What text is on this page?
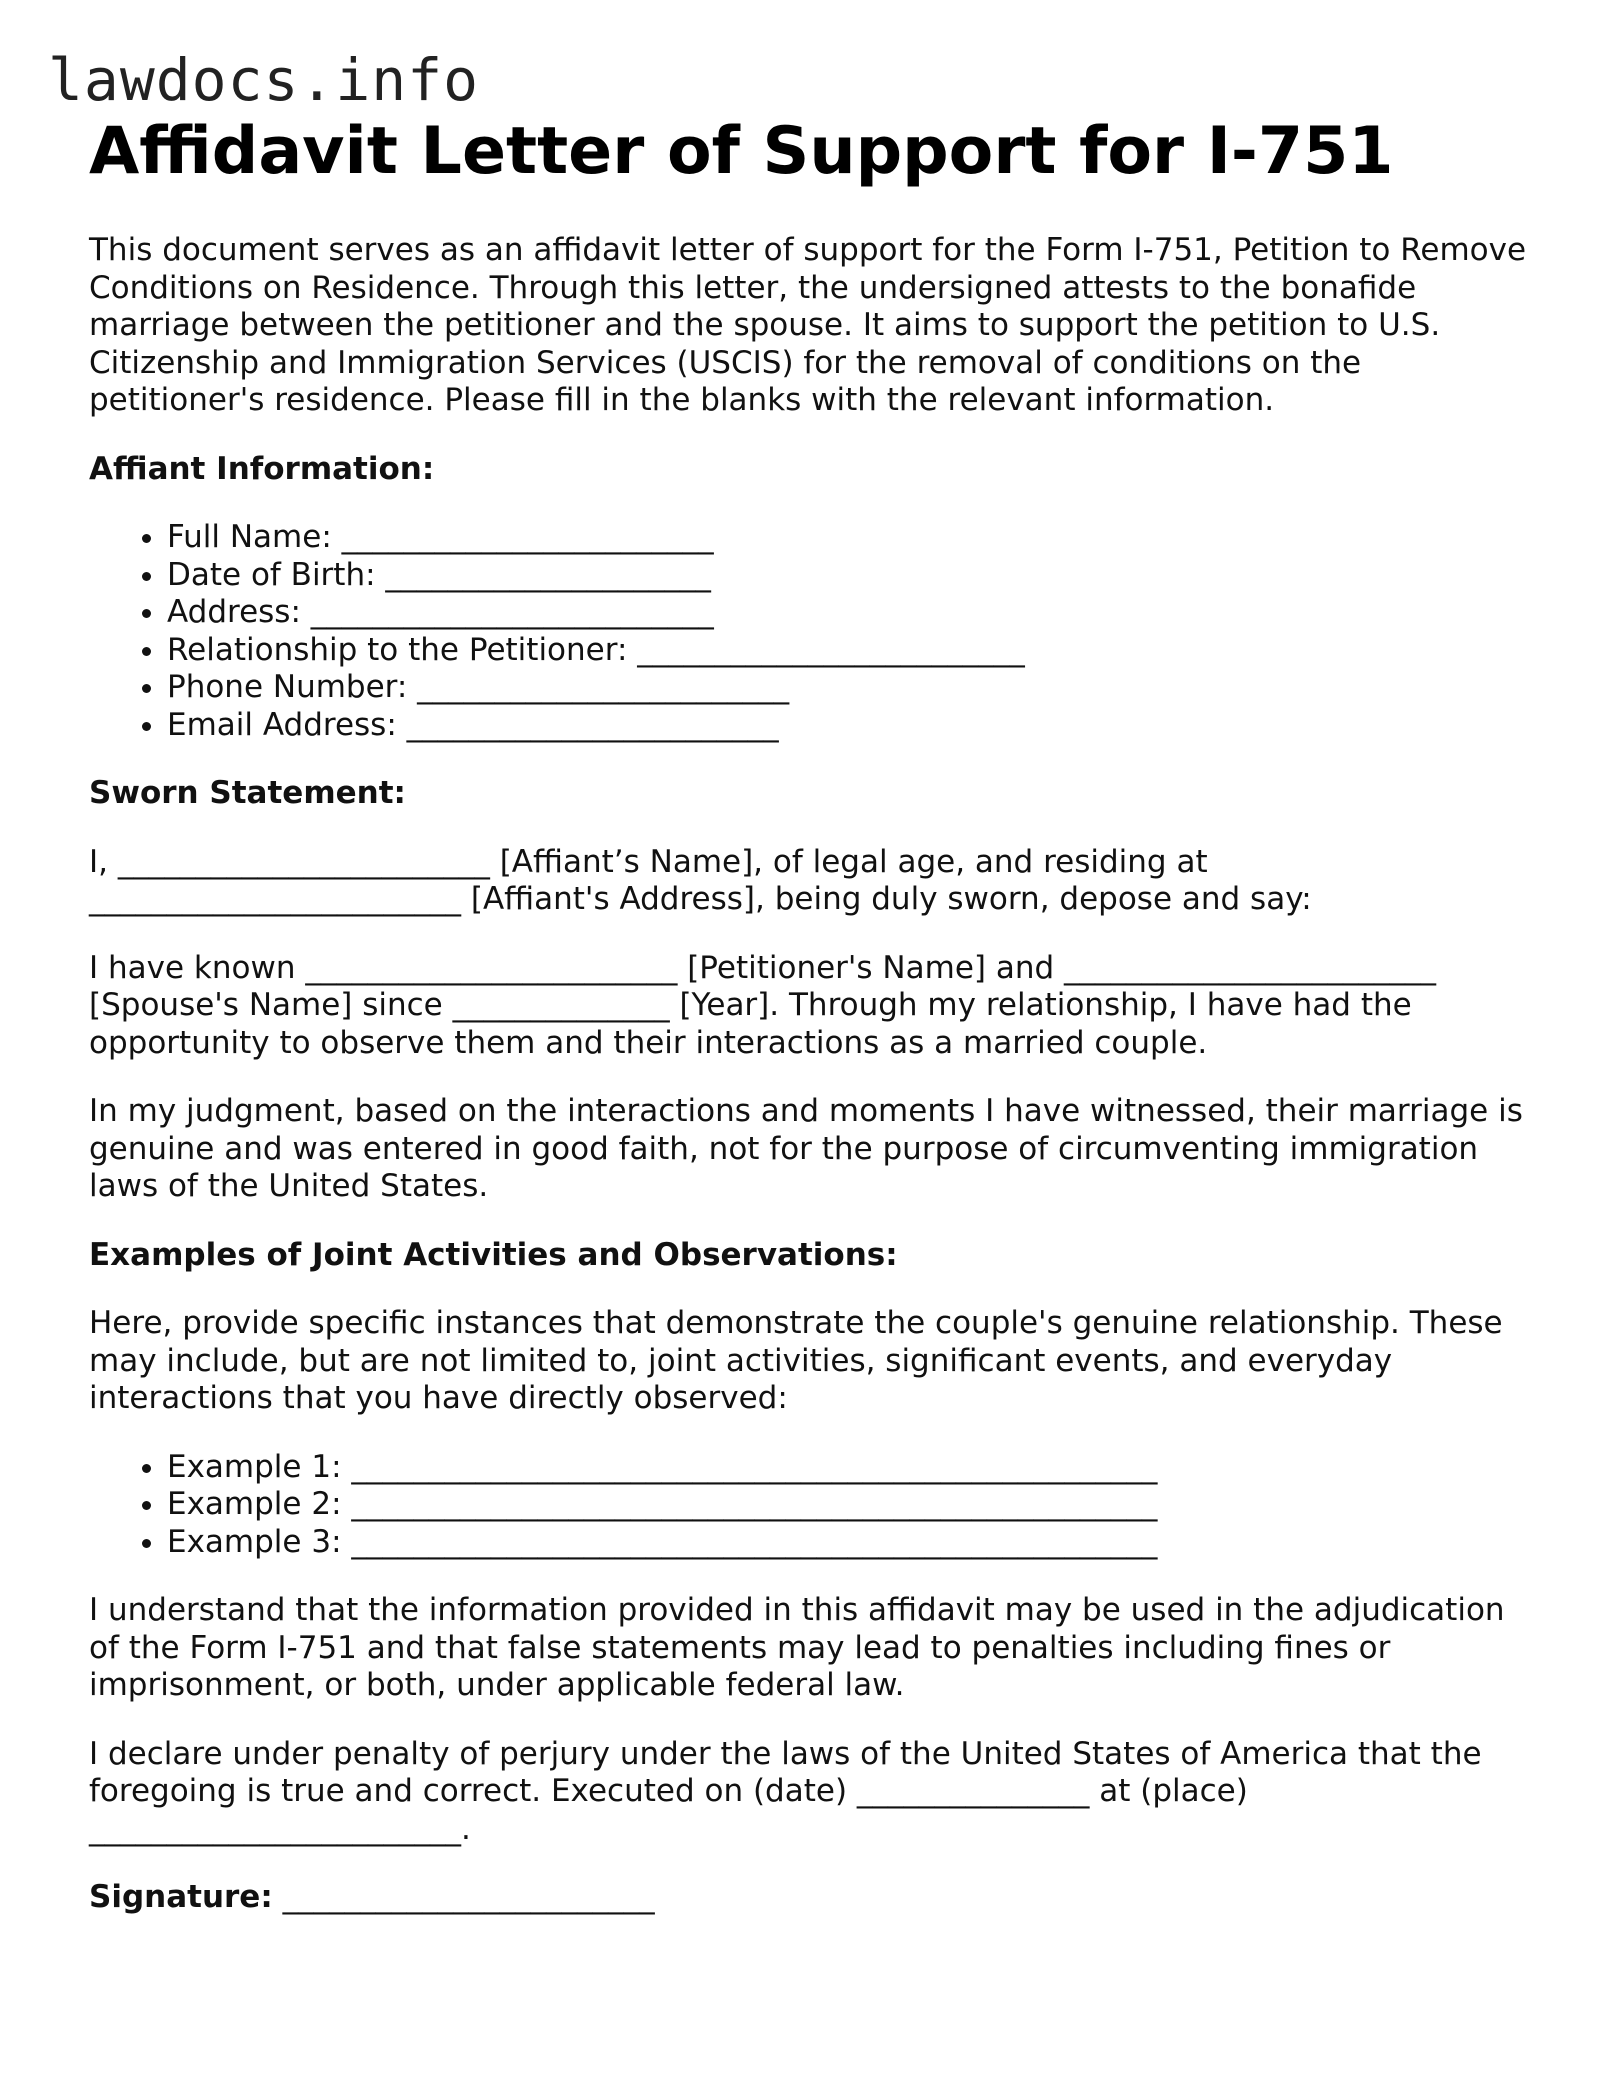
lawdocs.info
Affidavit Letter of Support for I-751

This document serves as an affidavit letter of support for the Form I-751, Petition to Remove Conditions on Residence. Through this letter, the undersigned attests to the bonafide marriage between the petitioner and the spouse. It aims to support the petition to U.S. Citizenship and Immigration Services (USCIS) for the removal of conditions on the petitioner's residence. Please fill in the blanks with the relevant information.

Affiant Information:

• Full Name: ________________________
• Date of Birth: _____________________
• Address: __________________________
• Relationship to the Petitioner: _________________________
• Phone Number: ________________________
• Email Address: ________________________

Sworn Statement:

I, ________________________ [Affiant’s Name], of legal age, and residing at
________________________ [Affiant's Address], being duly sworn, depose and say:

I have known ________________________ [Petitioner's Name] and ________________________
[Spouse's Name] since ______________ [Year]. Through my relationship, I have had the
opportunity to observe them and their interactions as a married couple.

In my judgment, based on the interactions and moments I have witnessed, their marriage is genuine and was entered in good faith, not for the purpose of circumventing immigration laws of the United States.

Examples of Joint Activities and Observations:

Here, provide specific instances that demonstrate the couple's genuine relationship. These may include, but are not limited to, joint activities, significant events, and everyday interactions that you have directly observed:

• Example 1: ____________________________________________________
• Example 2: ____________________________________________________
• Example 3: ____________________________________________________

I understand that the information provided in this affidavit may be used in the adjudication of the Form I-751 and that false statements may lead to penalties including fines or imprisonment, or both, under applicable federal law.

I declare under penalty of perjury under the laws of the United States of America that the
foregoing is true and correct. Executed on (date) _______________ at (place)
________________________.

Signature: ________________________
